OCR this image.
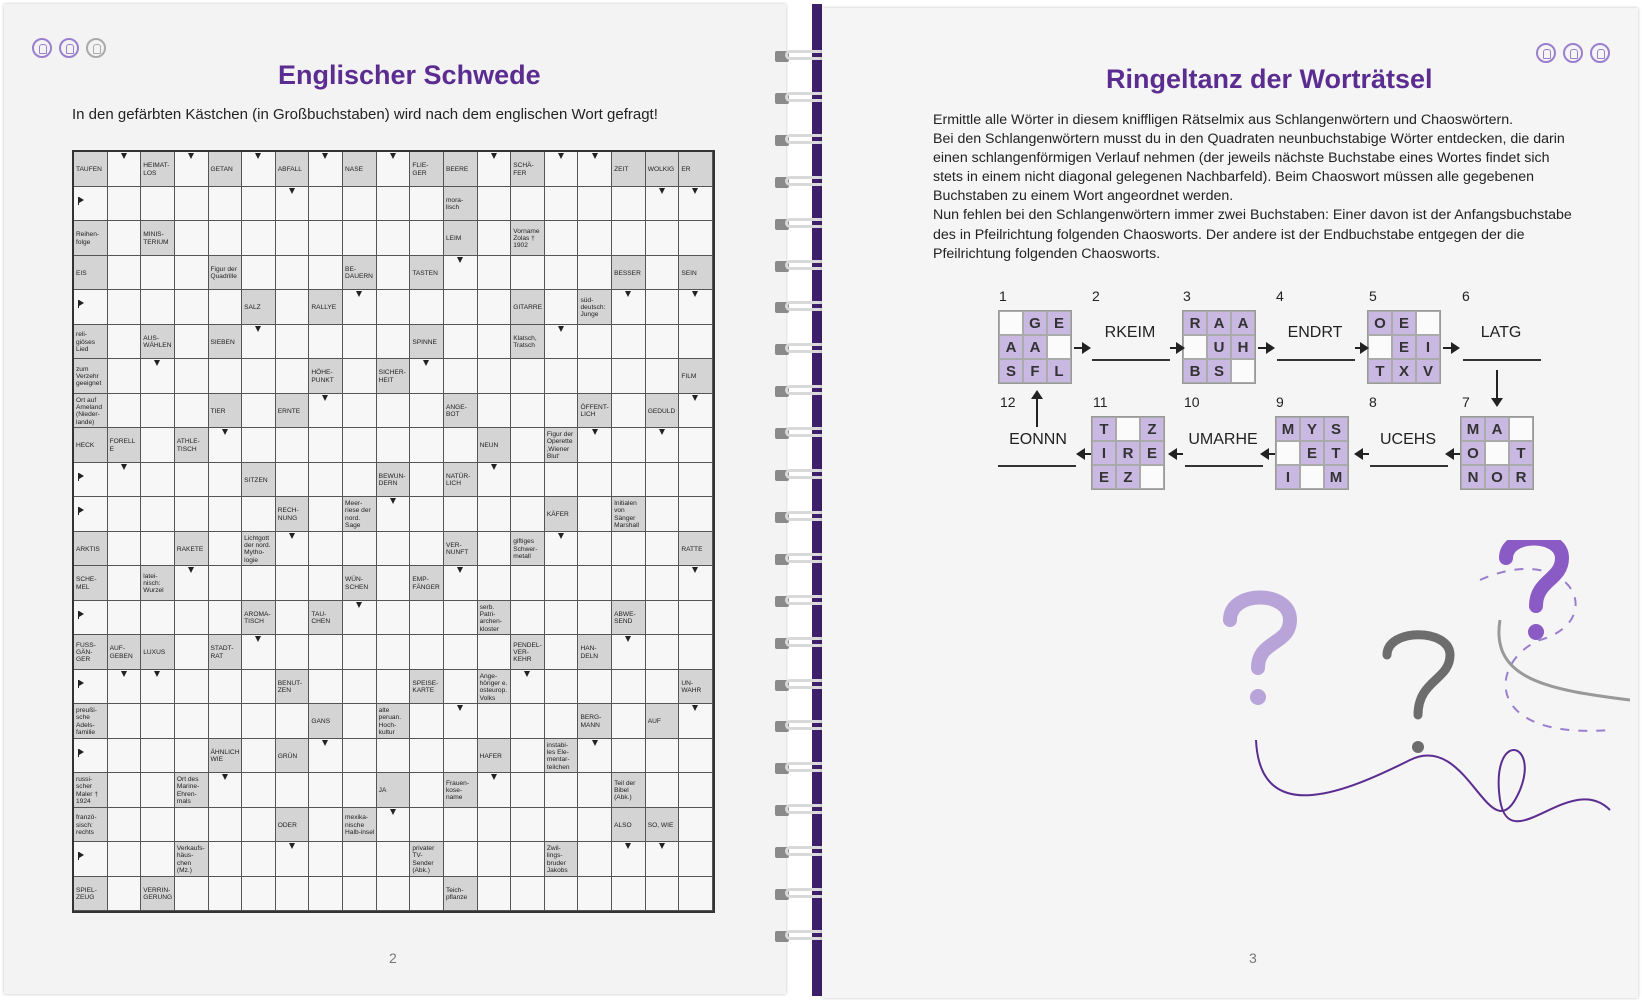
Englischer Schwede
In den gefärbten Kästchen (in Großbuchstaben) wird nach dem englischen Wort gefragt!
TAUFEN
HEIMAT-LOS
GETAN	ABFALL	NASE
FLIE-GER
BEERE
SCHÄ-FER
ZEIT	WOLKIG ER
mora-lisch
Reihen-folge
MINIS-TERIUM
LEIM
Vorname Zolas † 1902
EIS
Figur der Quadrille
BE-DAUERN
TASTEN	BESSER	SEIN
SALZ	RALLYE	GITARRE
süd-deutsch: Junge
reli-giöses Lied
AUS-WÄHLEN
SIEBEN	SPINNE
Klatsch, Tratsch
zum Verzehr geeignet
HÖHE-PUNKT
SICHER-HEIT
FILM
Ort auf Ameland (Nieder-lande)
TIER	ERNTE
ANGE-BOT
ÖFFENT-LICH
GEDULD
HECK
FORELLE
ATHLE-TISCH
NEUN
Figur der Operette ‚Wiener Blut‘
SITZEN
BEWUN-DERN
NATÜR-LICH
RECH-NUNG
Meer-riese der nord. Sage
KÄFER
Initialen von Sänger Marshall
ARKTIS	RAKETE
Lichtgott der nord. Mytho-logie
VER-NUNFT
giftiges Schwer-metall
RATTE
SCHE-MEL
latei-nisch: Wurzel
WÜN-SCHEN
EMP-FÄNGER
AROMA-TISCH
TAU-CHEN
serb. Patri-archen-kloster
ABWE-SEND
FUSS-GÄN-GER
AUF-GEBEN
LUXUS
STADT-RAT
PENDEL-VER-KEHR
HAN-DELN
BENUT-ZEN
SPEISE-KARTE
Ange-höriger e. osteurop. Volks
UN-WAHR
preußi-sche Adels-familie
GANS
alte peruan. Hoch-kultur
BERG-MANN
AUF
ÄHNLICH WIE
GRÜN	HAFER
instabi-les Ele-mentar-teilchen
russi-scher Maler † 1924
Ort des Marine-Ehren-mals
JA
Frauen-kose-name
Teil der Bibel (Abk.)
franzö-sisch: rechts
ODER
mexika-nische Halb-insel
ALSO SO, WIE
Verkaufs-häus-chen (Mz.)
privater TV-Sender (Abk.)
Zwil-lings-bruder Jakobs
SPIEL-ZEUG
VERRIN-GERUNG
Teich-pflanze
2
Ringeltanz der Worträtsel

Ermittle alle Wörter in diesem kniffligen Rätselmix aus Schlangenwörtern und Chaoswörtern.

Bei den Schlangenwörtern musst du in den Quadraten neunbuchstabige Wörter entdecken, die darin einen schlangenförmigen Verlauf nehmen (der jeweils nächste Buchstabe eines Wortes findet sich stets in einem nicht diagonal gelegenen Nachbarfeld). Beim Chaoswort müssen alle gegebenen Buchstaben zu einem Wort angeordnet werden.

Nun fehlen bei den Schlangenwörtern immer zwei Buchstaben: Einer davon ist der Anfangsbuchstabe des in Pfeilrichtung folgenden Chaosworts. Der andere ist der Endbuchstabe entgegen der die Pfeilrichtung folgenden Chaosworts.

1	2	3	4	5	6
12	11	10	9	8	7
G E
A A
S F L
R A A
U H
B S
O E
E	I
T X V
M A
O	T
N O R
M Y S
E T
I	M
T	Z
I	R E
E Z
RKEIM	ENDRT	LATG
UCEHS
UMARHE
EONNN
3
